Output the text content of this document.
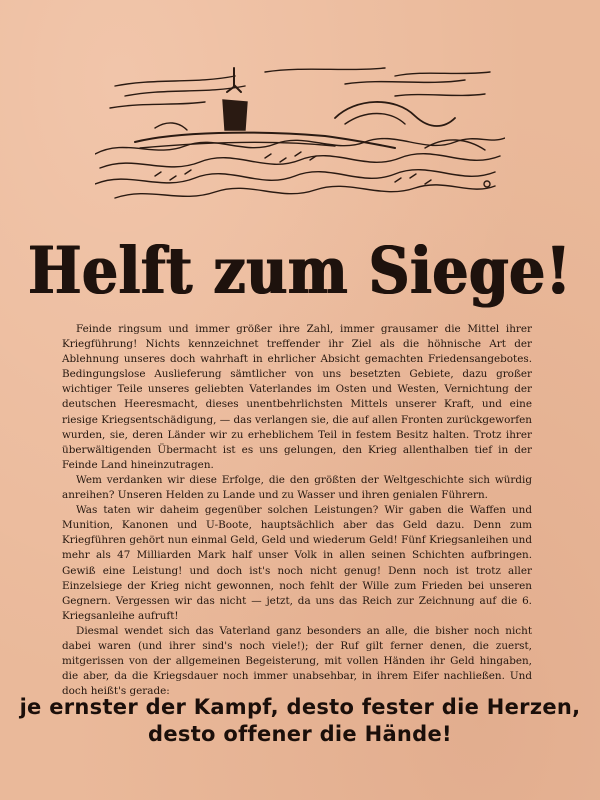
Helft zum Siege!

Feinde ringsum und immer größer ihre Zahl, immer grausamer die Mittel ihrer Kriegführung! Nichts kennzeichnet treffender ihr Ziel als die höhnische Art der Ablehnung unseres doch wahrhaft in ehrlicher Absicht gemachten Friedensangebotes. Bedingungslose Auslieferung sämtlicher von uns besetzten Gebiete, dazu großer wichtiger Teile unseres geliebten Vaterlandes im Osten und Westen, Vernichtung der deutschen Heeresmacht, dieses unentbehrlichsten Mittels unserer Kraft, und eine riesige Kriegsentschädigung, — das verlangen sie, die auf allen Fronten zurückgeworfen wurden, sie, deren Länder wir zu erheblichem Teil in festem Besitz halten. Trotz ihrer überwältigenden Übermacht ist es uns gelungen, den Krieg allenthalben tief in der Feinde Land hineinzutragen.

Wem verdanken wir diese Erfolge, die den größten der Weltgeschichte sich würdig anreihen? Unseren Helden zu Lande und zu Wasser und ihren genialen Führern.

Was taten wir daheim gegenüber solchen Leistungen? Wir gaben die Waffen und Munition, Kanonen und U-Boote, hauptsächlich aber das Geld dazu. Denn zum Kriegführen gehört nun einmal Geld, Geld und wiederum Geld! Fünf Kriegsanleihen und mehr als 47 Milliarden Mark half unser Volk in allen seinen Schichten aufbringen. Gewiß eine Leistung! und doch ist's noch nicht genug! Denn noch ist trotz aller Einzelsiege der Krieg nicht gewonnen, noch fehlt der Wille zum Frieden bei unseren Gegnern. Vergessen wir das nicht — jetzt, da uns das Reich zur Zeichnung auf die 6. Kriegsanleihe aufruft!

Diesmal wendet sich das Vaterland ganz besonders an alle, die bisher noch nicht dabei waren (und ihrer sind's noch viele!); der Ruf gilt ferner denen, die zuerst, mitgerissen von der allgemeinen Begeisterung, mit vollen Händen ihr Geld hingaben, die aber, da die Kriegsdauer noch immer unabsehbar, in ihrem Eifer nachließen. Und doch heißt's gerade:

je ernster der Kampf, desto fester die Herzen,
desto offener die Hände!
